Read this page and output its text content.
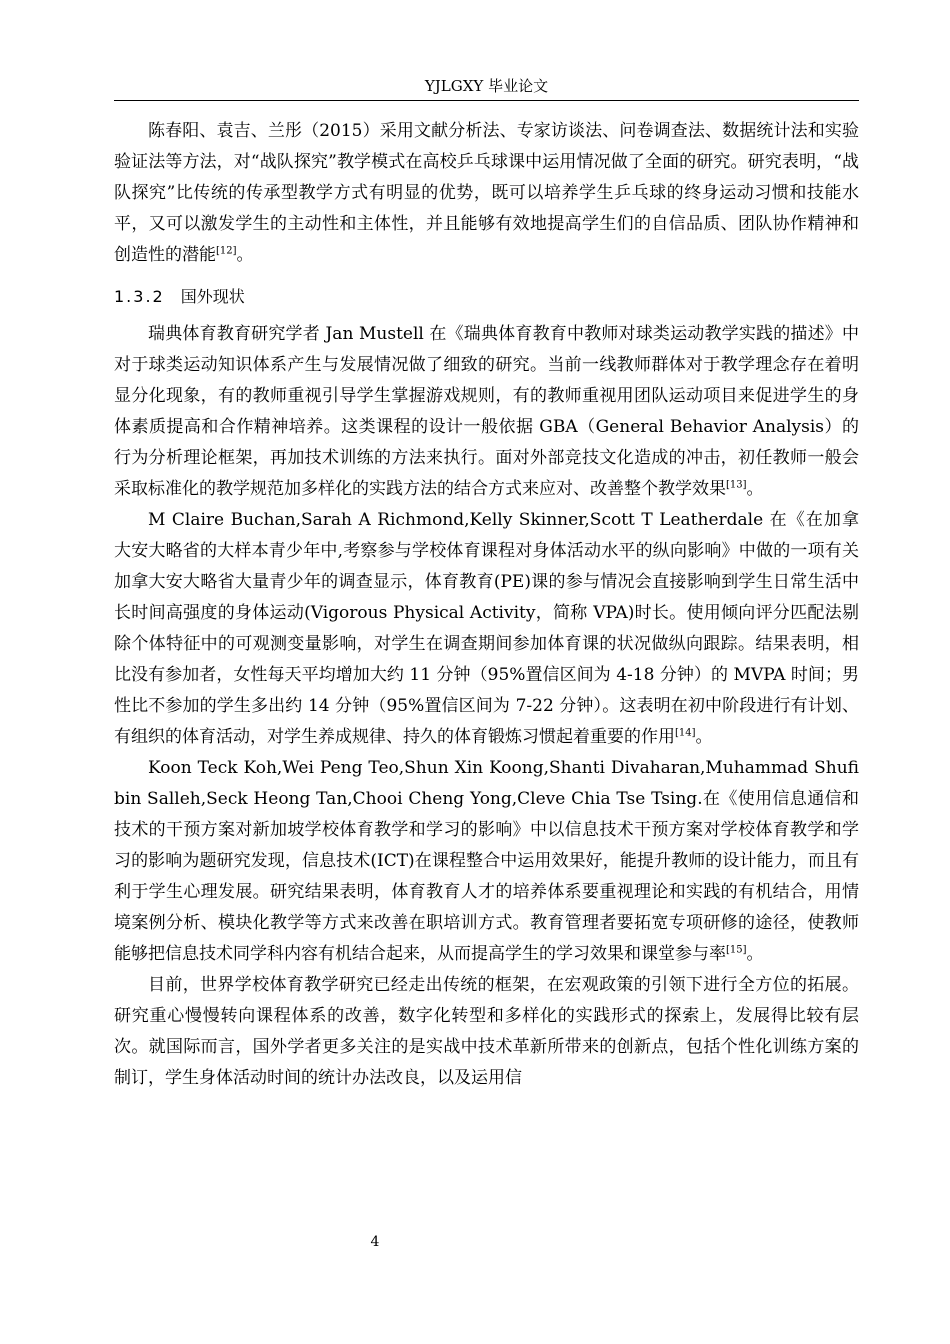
YJLGXY 毕业论文

陈春阳、袁吉、兰彤（2015）采用文献分析法、专家访谈法、问卷调查法、数据统计法和实验验证法等方法，对“战队探究”教学模式在高校乒乓球课中运用情况做了全面的研究。研究表明，“战队探究”比传统的传承型教学方式有明显的优势，既可以培养学生乒乓球的终身运动习惯和技能水平，又可以激发学生的主动性和主体性，并且能够有效地提高学生们的自信品质、团队协作精神和创造性的潜能[12]。

1.3.2 国外现状

瑞典体育教育研究学者 Jan Mustell 在《瑞典体育教育中教师对球类运动教学实践的描述》中对于球类运动知识体系产生与发展情况做了细致的研究。当前一线教师群体对于教学理念存在着明显分化现象，有的教师重视引导学生掌握游戏规则，有的教师重视用团队运动项目来促进学生的身体素质提高和合作精神培养。这类课程的设计一般依据 GBA（General Behavior Analysis）的行为分析理论框架，再加技术训练的方法来执行。面对外部竞技文化造成的冲击，初任教师一般会采取标准化的教学规范加多样化的实践方法的结合方式来应对、改善整个教学效果[13]。

M Claire Buchan,Sarah A Richmond,Kelly Skinner,Scott T Leatherdale 在《在加拿大安大略省的大样本青少年中,考察参与学校体育课程对身体活动水平的纵向影响》中做的一项有关加拿大安大略省大量青少年的调查显示，体育教育(PE)课的参与情况会直接影响到学生日常生活中长时间高强度的身体运动(Vigorous Physical Activity，简称 VPA)时长。使用倾向评分匹配法剔除个体特征中的可观测变量影响，对学生在调查期间参加体育课的状况做纵向跟踪。结果表明，相比没有参加者，女性每天平均增加大约 11 分钟（95%置信区间为 4-18 分钟）的 MVPA 时间；男性比不参加的学生多出约 14 分钟（95%置信区间为 7-22 分钟）。这表明在初中阶段进行有计划、有组织的体育活动，对学生养成规律、持久的体育锻炼习惯起着重要的作用[14]。

Koon Teck Koh,Wei Peng Teo,Shun Xin Koong,Shanti Divaharan,Muhammad Shufi bin Salleh,Seck Heong Tan,Chooi Cheng Yong,Cleve Chia Tse Tsing.在《使用信息通信和技术的干预方案对新加坡学校体育教学和学习的影响》中以信息技术干预方案对学校体育教学和学习的影响为题研究发现，信息技术(ICT)在课程整合中运用效果好，能提升教师的设计能力，而且有利于学生心理发展。研究结果表明，体育教育人才的培养体系要重视理论和实践的有机结合，用情境案例分析、模块化教学等方式来改善在职培训方式。教育管理者要拓宽专项研修的途径，使教师能够把信息技术同学科内容有机结合起来，从而提高学生的学习效果和课堂参与率[15]。

目前，世界学校体育教学研究已经走出传统的框架，在宏观政策的引领下进行全方位的拓展。研究重心慢慢转向课程体系的改善，数字化转型和多样化的实践形式的探索上，发展得比较有层次。就国际而言，国外学者更多关注的是实战中技术革新所带来的创新点，包括个性化训练方案的制订，学生身体活动时间的统计办法改良，以及运用信

4
